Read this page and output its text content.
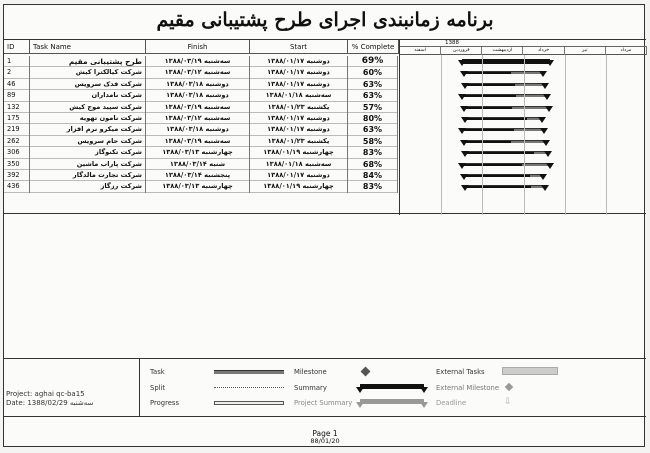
برنامه زمانبندی اجرای طرح پشتیبانی مقیم
ID	Task Name	Finish	Start	% Complete
1	طرح پشتیبانی مقیم	سه‌شنبه ۱۳۸۸/۰۳/۱۹	دوشنبه ۱۳۸۸/۰۱/۱۷	69%
2	شرکت کیالکترا کیش	سه‌شنبه ۱۳۸۸/۰۳/۱۲	دوشنبه ۱۳۸۸/۰۱/۱۷	60%
46	شرکت فدک سرویس	دوشنبه ۱۳۸۸/۰۳/۱۸	دوشنبه ۱۳۸۸/۰۱/۱۷	63%
89	شرکت نامداران	دوشنبه ۱۳۸۸/۰۳/۱۸	سه‌شنبه ۱۳۸۸/۰۱/۱۸	63%
132	شرکت سپید موج کیش	سه‌شنبه ۱۳۸۸/۰۳/۱۹	یکشنبه ۱۳۸۸/۰۱/۲۳	57%
175	شرکت نامون تهویه	سه‌شنبه ۱۳۸۸/۰۳/۱۲	دوشنبه ۱۳۸۸/۰۱/۱۷	80%
219	شرکت میکرو نرم افزار	دوشنبه ۱۳۸۸/۰۳/۱۸	دوشنبه ۱۳۸۸/۰۱/۱۷	63%
262	شرکت حام سرویس	سه‌شنبه ۱۳۸۸/۰۳/۱۹	یکشنبه ۱۳۸۸/۰۱/۲۳	58%
306	شرکت تکنوگاز	چهارشنبه ۱۳۸۸/۰۳/۱۳	چهارشنبه ۱۳۸۸/۰۱/۱۹	83%
350	شرکت پاراب ماشین	شنبه ۱۳۸۸/۰۳/۱۴	سه‌شنبه ۱۳۸۸/۰۱/۱۸	68%
392	شرکت تجارت مالدگار	پنجشنبه ۱۳۸۸/۰۳/۱۴	دوشنبه ۱۳۸۸/۰۱/۱۷	84%
436	شرکت رزگاز	چهارشنبه ۱۳۸۸/۰۳/۱۳	چهارشنبه ۱۳۸۸/۰۱/۱۹	83%
1388
اسفند	فروردین	اردیبهشت	خرداد	تیر	مرداد
Project: aghai qc-ba15
Date: 1388/02/29 سه‌شنبه
Task
Split
Progress
Milestone
Summary
Project Summary
External Tasks
External Milestone
Deadline	⇩
Page 1
88/01/20
